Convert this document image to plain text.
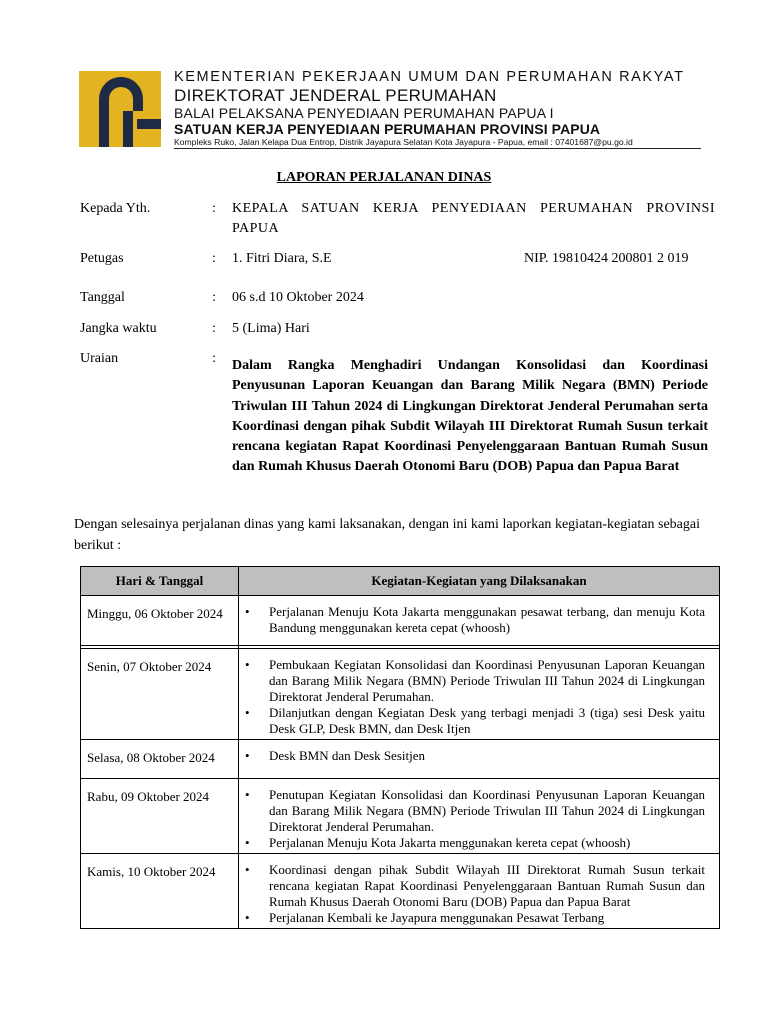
KEMENTERIAN PEKERJAAN UMUM DAN PERUMAHAN RAKYAT
DIREKTORAT JENDERAL PERUMAHAN
BALAI PELAKSANA PENYEDIAAN PERUMAHAN PAPUA I
SATUAN KERJA PENYEDIAAN PERUMAHAN PROVINSI PAPUA
Kompleks Ruko, Jalan Kelapa Dua Entrop, Distrik Jayapura Selatan Kota Jayapura - Papua, email : 07401687@pu.go.id
LAPORAN PERJALANAN DINAS
Kepada Yth.	: KEPALA SATUAN KERJA PENYEDIAAN PERUMAHAN PROVINSI PAPUA
Petugas	: 1. Fitri Diara, S.E	NIP. 19810424 200801 2 019
Tanggal	: 06 s.d 10 Oktober 2024
Jangka waktu	: 5 (Lima) Hari
Uraian	: Dalam Rangka Menghadiri Undangan Konsolidasi dan Koordinasi Penyusunan Laporan Keuangan dan Barang Milik Negara (BMN) Periode Triwulan III Tahun 2024 di Lingkungan Direktorat Jenderal Perumahan serta Koordinasi dengan pihak Subdit Wilayah III Direktorat Rumah Susun terkait rencana kegiatan Rapat Koordinasi Penyelenggaraan Bantuan Rumah Susun dan Rumah Khusus Daerah Otonomi Baru (DOB) Papua dan Papua Barat
Dengan selesainya perjalanan dinas yang kami laksanakan, dengan ini kami laporkan kegiatan-kegiatan sebagai berikut :
Hari & Tanggal	Kegiatan-Kegiatan yang Dilaksanakan

Minggu, 06 Oktober 2024	• Perjalanan Menuju Kota Jakarta menggunakan pesawat terbang, dan menuju Kota Bandung menggunakan kereta cepat (whoosh)

Senin, 07 Oktober 2024	• Pembukaan Kegiatan Konsolidasi dan Koordinasi Penyusunan Laporan Keuangan dan Barang Milik Negara (BMN) Periode Triwulan III Tahun 2024 di Lingkungan Direktorat Jenderal Perumahan.
• Dilanjutkan dengan Kegiatan Desk yang terbagi menjadi 3 (tiga) sesi Desk yaitu Desk GLP, Desk BMN, dan Desk Itjen

Selasa, 08 Oktober 2024	• Desk BMN dan Desk Sesitjen

Rabu, 09 Oktober 2024	• Penutupan Kegiatan Konsolidasi dan Koordinasi Penyusunan Laporan Keuangan dan Barang Milik Negara (BMN) Periode Triwulan III Tahun 2024 di Lingkungan Direktorat Jenderal Perumahan.
• Perjalanan Menuju Kota Jakarta menggunakan kereta cepat (whoosh)

Kamis, 10 Oktober 2024	• Koordinasi dengan pihak Subdit Wilayah III Direktorat Rumah Susun terkait rencana kegiatan Rapat Koordinasi Penyelenggaraan Bantuan Rumah Susun dan Rumah Khusus Daerah Otonomi Baru (DOB) Papua dan Papua Barat
• Perjalanan Kembali ke Jayapura menggunakan Pesawat Terbang
